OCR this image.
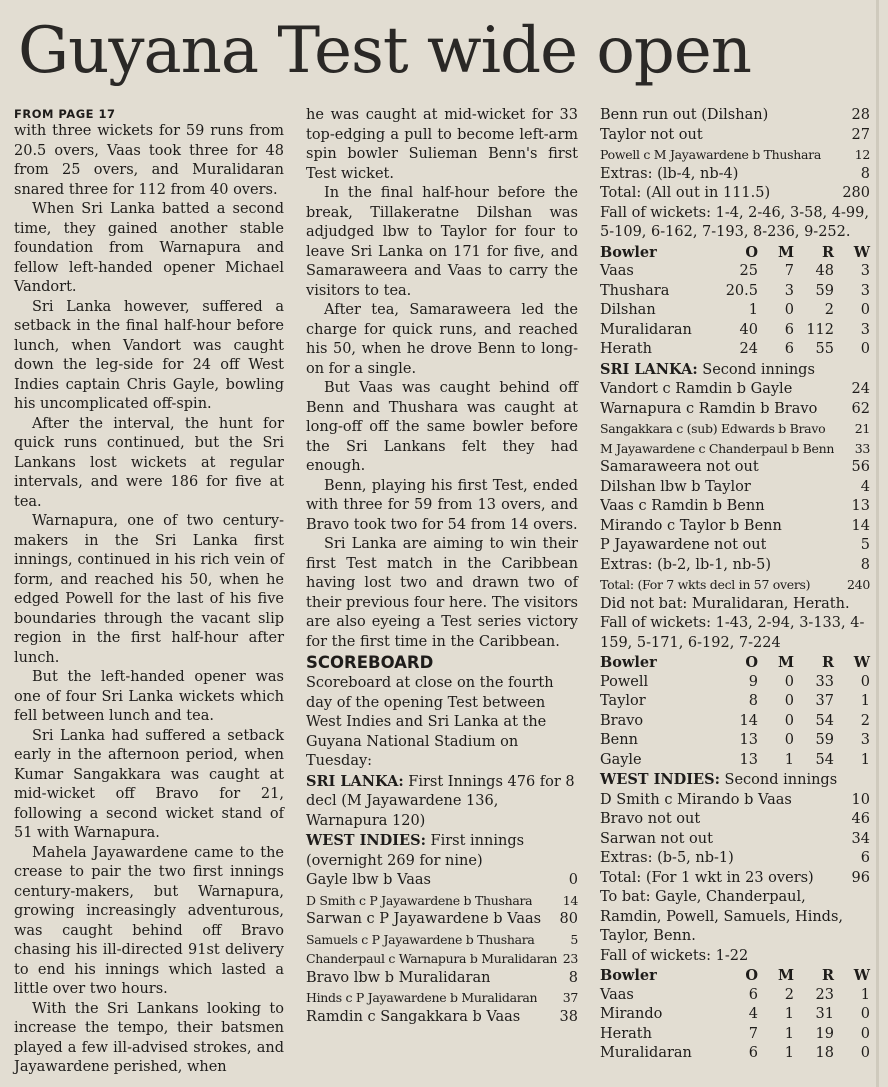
Guyana Test wide open
FROM PAGE 17

with three wickets for 59 runs from 20.5 overs, Vaas took three for 48 from 25 overs, and Muralidaran snared three for 112 from 40 overs.

When Sri Lanka batted a second time, they gained another stable foundation from Warnapura and fellow left-handed opener Michael Vandort.

Sri Lanka however, suffered a setback in the final half-hour before lunch, when Vandort was caught down the leg-side for 24 off West Indies captain Chris Gayle, bowling his uncomplicated off-spin.

After the interval, the hunt for quick runs continued, but the Sri Lankans lost wickets at regular intervals, and were 186 for five at tea.

Warnapura, one of two century-makers in the Sri Lanka first innings, continued in his rich vein of form, and reached his 50, when he edged Powell for the last of his five boundaries through the vacant slip region in the first half-hour after lunch.

But the left-handed opener was one of four Sri Lanka wickets which fell between lunch and tea.

Sri Lanka had suffered a setback early in the afternoon period, when Kumar Sangakkara was caught at mid-wicket off Bravo for 21, following a second wicket stand of 51 with Warnapura.

Mahela Jayawardene came to the crease to pair the two first innings century-makers, but Warnapura, growing increasingly adventurous, was caught behind off Bravo chasing his ill-directed 91st delivery to end his innings which lasted a little over two hours.

With the Sri Lankans looking to increase the tempo, their batsmen played a few ill-advised strokes, and Jayawardene perished, when

he was caught at mid-wicket for 33 top-edging a pull to become left-arm spin bowler Sulieman Benn's first Test wicket.

In the final half-hour before the break, Tillakeratne Dilshan was adjudged lbw to Taylor for four to leave Sri Lanka on 171 for five, and Samaraweera and Vaas to carry the visitors to tea.

After tea, Samaraweera led the charge for quick runs, and reached his 50, when he drove Benn to long-on for a single.

But Vaas was caught behind off Benn and Thushara was caught at long-off off the same bowler before the Sri Lankans felt they had enough.

Benn, playing his first Test, ended with three for 59 from 13 overs, and Bravo took two for 54 from 14 overs.

Sri Lanka are aiming to win their first Test match in the Caribbean having lost two and drawn two of their previous four here. The visitors are also eyeing a Test series victory for the first time in the Caribbean.

SCOREBOARD

Scoreboard at close on the fourth day of the opening Test between West Indies and Sri Lanka at the Guyana National Stadium on Tuesday:

SRI LANKA: First Innings 476 for 8 decl (M Jayawardene 136, Warnapura 120)

WEST INDIES: First innings (overnight 269 for nine)

Gayle lbw b Vaas	0
D Smith c P Jayawardene b Thushara 14
Sarwan c P Jayawardene b Vaas 80
Samuels c P Jayawardene b Thushara	5
Chanderpaul c Warnapura b Muralidaran 23
Bravo lbw b Muralidaran	8
Hinds c P Jayawardene b Muralidaran 37
Ramdin c Sangakkara b Vaas	38
Benn run out (Dilshan)	28
Taylor not out	27
Powell c M Jayawardene b Thushara	12
Extras: (lb-4, nb-4)	8
Total: (All out in 111.5)	280

Fall of wickets: 1-4, 2-46, 3-58, 4-99, 5-109, 6-162, 7-193, 8-236, 9-252.

Bowler	O	M	R	W
Vaas	25	7	48	3
Thushara	20.5	3	59	3
Dilshan	1	0	2	0
Muralidaran	40	6 112	3
Herath	24	6	55	0

SRI LANKA: Second innings

Vandort c Ramdin b Gayle	24
Warnapura c Ramdin b Bravo 62
Sangakkara c (sub) Edwards b Bravo 21
M Jayawardene c Chanderpaul b Benn 33
Samaraweera not out	56
Dilshan lbw b Taylor	4
Vaas c Ramdin b Benn	13
Mirando c Taylor b Benn	14
P Jayawardene not out	5
Extras: (b-2, lb-1, nb-5)	8
Total: (For 7 wkts decl in 57 overs)	240

Did not bat: Muralidaran, Herath.

Fall of wickets: 1-43, 2-94, 3-133, 4-159, 5-171, 6-192, 7-224

Bowler	O	M	R	W
Powell	9	0	33	0
Taylor	8	0	37	1
Bravo	14	0	54	2
Benn	13	0	59	3
Gayle	13	1	54	1

WEST INDIES: Second innings

D Smith c Mirando b Vaas	10
Bravo not out	46
Sarwan not out	34
Extras: (b-5, nb-1)	6
Total: (For 1 wkt in 23 overs)	96

To bat: Gayle, Chanderpaul, Ramdin, Powell, Samuels, Hinds, Taylor, Benn.

Fall of wickets: 1-22

Bowler	O	M	R	W
Vaas	6	2	23	1
Mirando	4	1	31	0
Herath	7	1	19	0
Muralidaran	6	1	18	0
